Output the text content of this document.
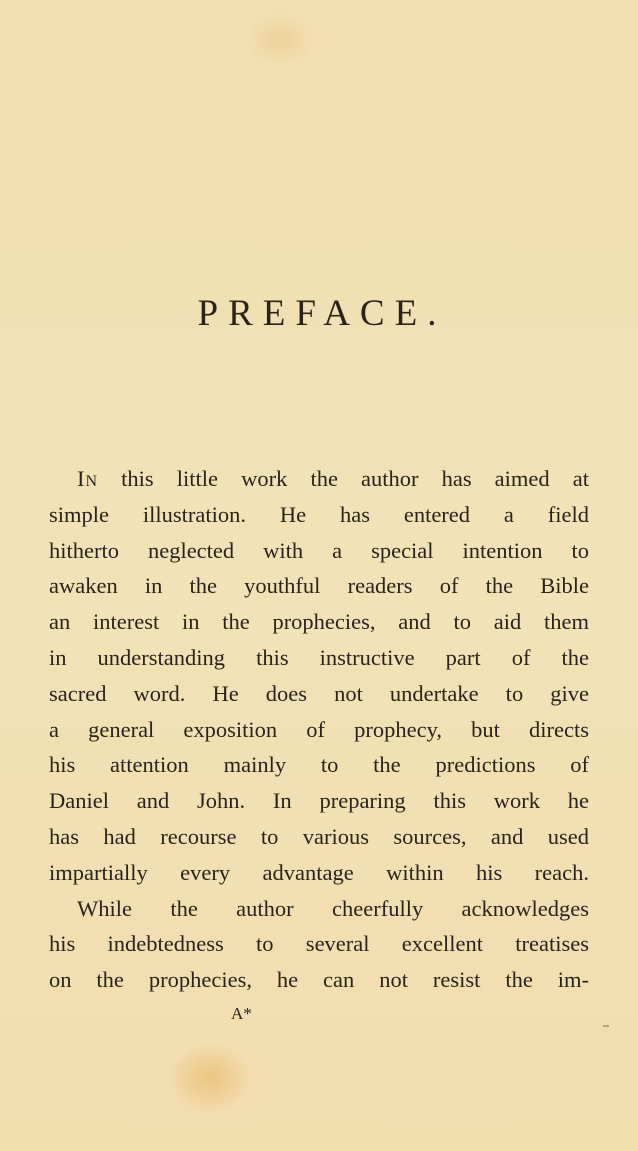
PREFACE.
In this little work the author has aimed at
simple illustration. He has entered a field
hitherto neglected with a special intention to
awaken in the youthful readers of the Bible
an interest in the prophecies, and to aid them
in understanding this instructive part of the
sacred word. He does not undertake to give
a general exposition of prophecy, but directs
his attention mainly to the predictions of
Daniel and John. In preparing this work he
has had recourse to various sources, and used
impartially every advantage within his reach.
While the author cheerfully acknowledges
his indebtedness to several excellent treatises
on the prophecies, he can not resist the im-
A*
